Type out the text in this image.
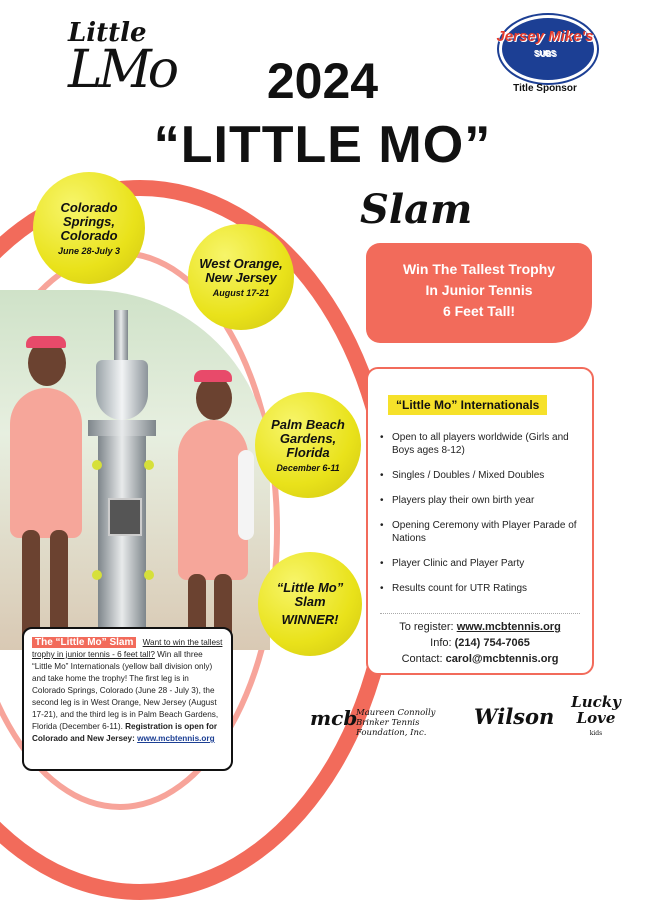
Little
LMo
Jersey Mike's
SUBS
Title Sponsor
2024
“LITTLE MO”
Slam
Colorado Springs, Colorado
June 28-July 3
West Orange, New Jersey
August 17-21
Palm Beach Gardens, Florida
December 6-11
“Little Mo” Slam
WINNER!
Win The Tallest Trophy
In Junior Tennis
6 Feet Tall!
“Little Mo” Internationals
• Open to all players worldwide (Girls and Boys ages 8-12)
• Singles / Doubles / Mixed Doubles
• Players play their own birth year
• Opening Ceremony with Player Parade of Nations
• Player Clinic and Player Party
• Results count for UTR Ratings
To register: www.mcbtennis.org
Info: (214) 754-7065
Contact: carol@mcbtennis.org
The “Little Mo” Slam Want to win the tallest trophy in junior tennis - 6 feet tall? Win all three “Little Mo” Internationals (yellow ball division only) and take home the trophy! The first leg is in Colorado Springs, Colorado (June 28 - July 3), the second leg is in West Orange, New Jersey (August 17-21), and the third leg is in Palm Beach Gardens, Florida (December 6-11). Registration is open for Colorado and New Jersey: www.mcbtennis.org
mcb
Maureen Connolly Brinker Tennis Foundation, Inc.
Wilson
Lucky Love
kids
